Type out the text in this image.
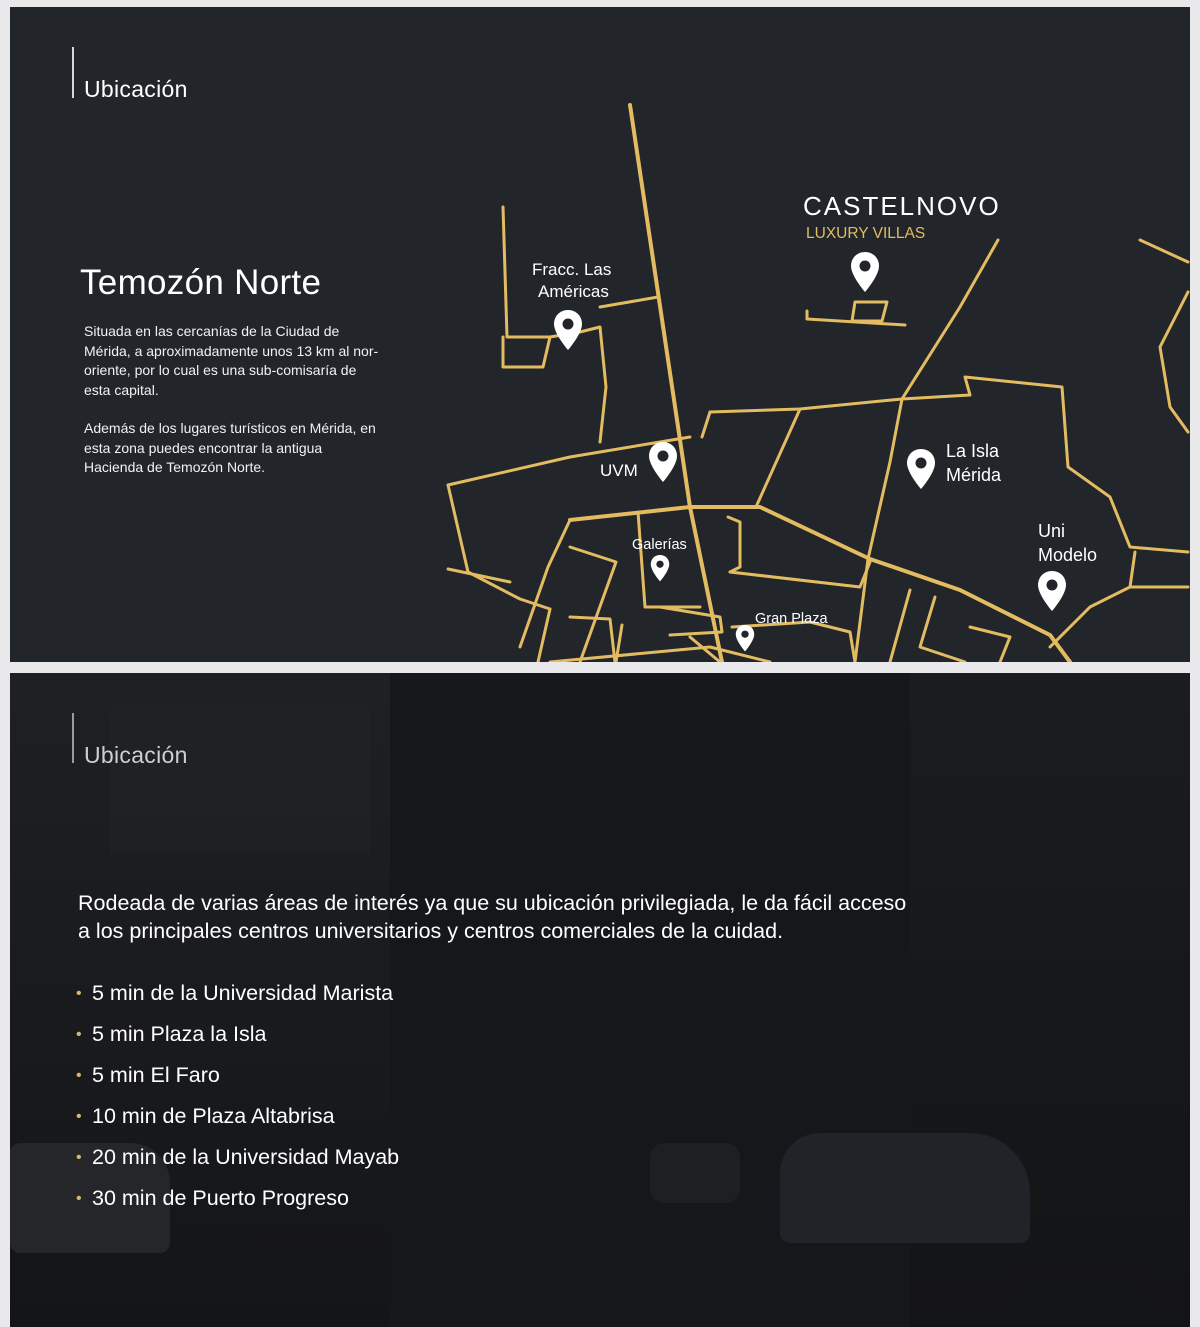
Ubicación
Temozón Norte
Situada en las cercanías de la Ciudad de Mérida, a aproximadamente unos 13 km al nor-oriente, por lo cual es una sub-comisaría de esta capital.
Además de los lugares turísticos en Mérida, en esta zona puedes encontrar la antigua Hacienda de Temozón Norte.
CASTELNOVO
LUXURY VILLAS
Fracc. Las
Américas
UVM
Galerías
Gran Plaza
La Isla
Mérida
Uni
Modelo
Ubicación
Rodeada de varias áreas de interés ya que su ubicación privilegiada, le da fácil acceso a los principales centros universitarios y centros comerciales de la cuidad.
• 5 min de la Universidad Marista
• 5 min Plaza la Isla
• 5 min El Faro
• 10 min de Plaza Altabrisa
• 20 min de la Universidad Mayab
• 30 min de Puerto Progreso
